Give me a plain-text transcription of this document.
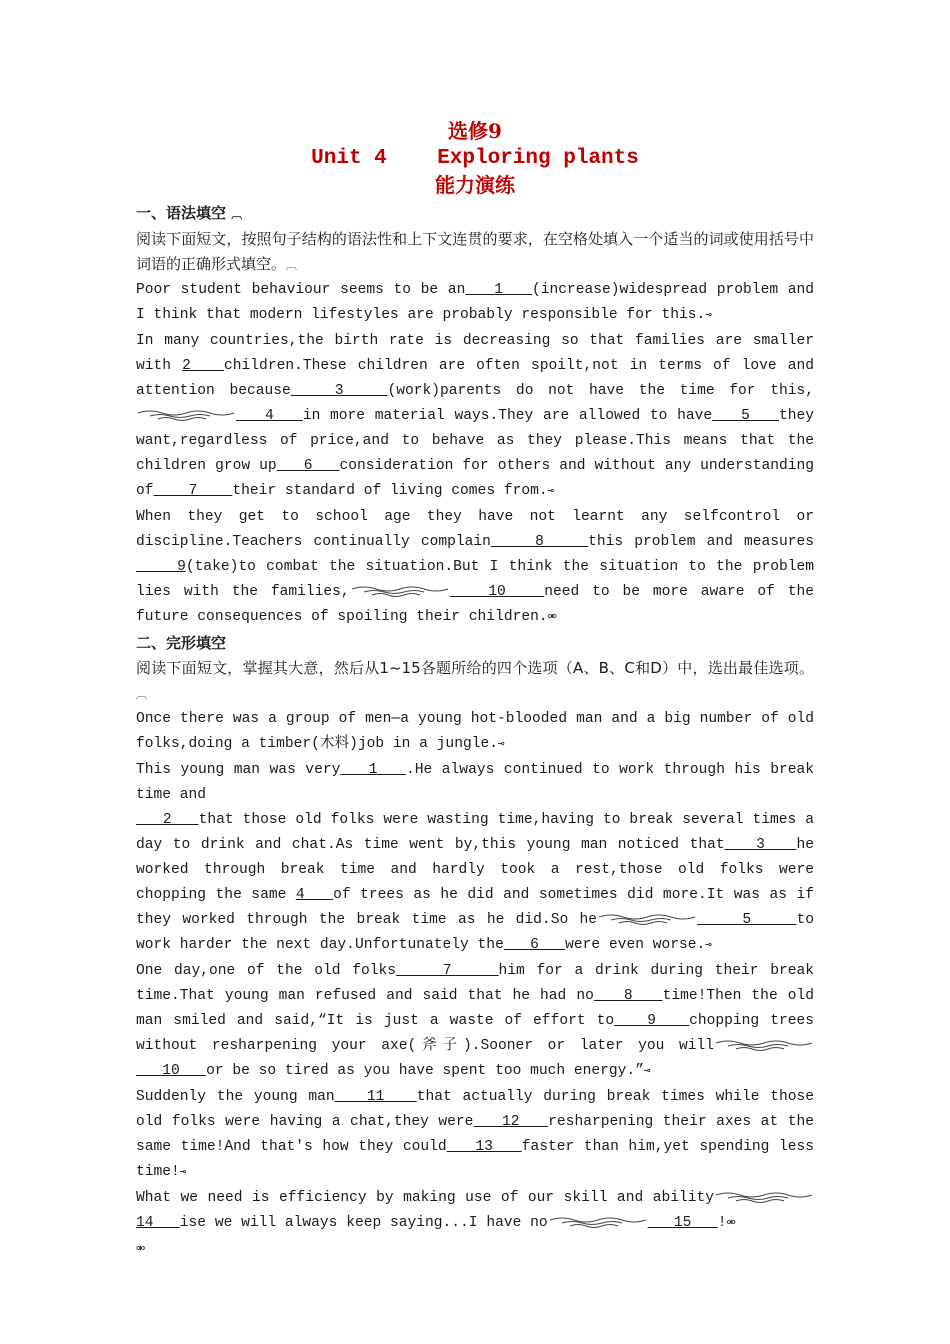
选修9

Unit 4    Exploring plants

能力演练

一、语法填空 ︹

阅读下面短文，按照句子结构的语法性和上下文连贯的要求，在空格处填入一个适当的词或使用括号中词语的正确形式填空。︹

Poor student behaviour seems to be an   1   (increase)widespread problem and I think that modern lifestyles are probably responsible for this.⊸

In many countries,the birth rate is decreasing so that families are smaller with 2   children.These children are often spoilt,not in terms of love and attention because   3   (work)parents do not have the time for this,
4   in more material ways.They are allowed to have   5   they want,regardless of price,and to behave as they please.This means that the children grow up   6   consideration for others and without any understanding of    7    their standard of living comes from.⊸

When they get to school age they have not learnt any selfcontrol or discipline.Teachers continually complain    8    this problem and measures    9(take)to combat the situation.But I think the situation to the problem lies with the families,	10   need to be more aware of the future consequences of spoiling their children.⚮

二、完形填空

阅读下面短文，掌握其大意，然后从1~15各题所给的四个选项（A、B、C和D）中，选出最佳选项。︹

Once there was a group of men—a young hot-blooded man and a big number of old folks,doing a timber(木料)job in a jungle.⊸

This young man was very   1   .He always continued to work through his break time and

2   that those old folks were wasting time,having to break several times a day to drink and chat.As time went by,this young man noticed that   3   he worked through break time and hardly took a rest,those old folks were chopping the same 4   of trees as he did and sometimes did more.It was as if they worked through the break time as he did.So he	5    to work harder the next day.Unfortunately the   6   were even worse.⊸

One day,one of the old folks    7    him for a drink during their break time.That young man refused and said that he had no   8   time!Then the old man smiled and said,“It is just a waste of effort to   9   chopping trees without resharpening your axe(斧子).Sooner or later you will
10   or be so tired as you have spent too much energy.”⊸

Suddenly the young man   11   that actually during break times while those old folks were having a chat,they were   12   resharpening their axes at the same time!And that's how they could   13   faster than him,yet spending less time!⊸

What we need is efficiency by making use of our skill and ability
14   ise we will always keep saying...I have no	15   !⚮

⚮
